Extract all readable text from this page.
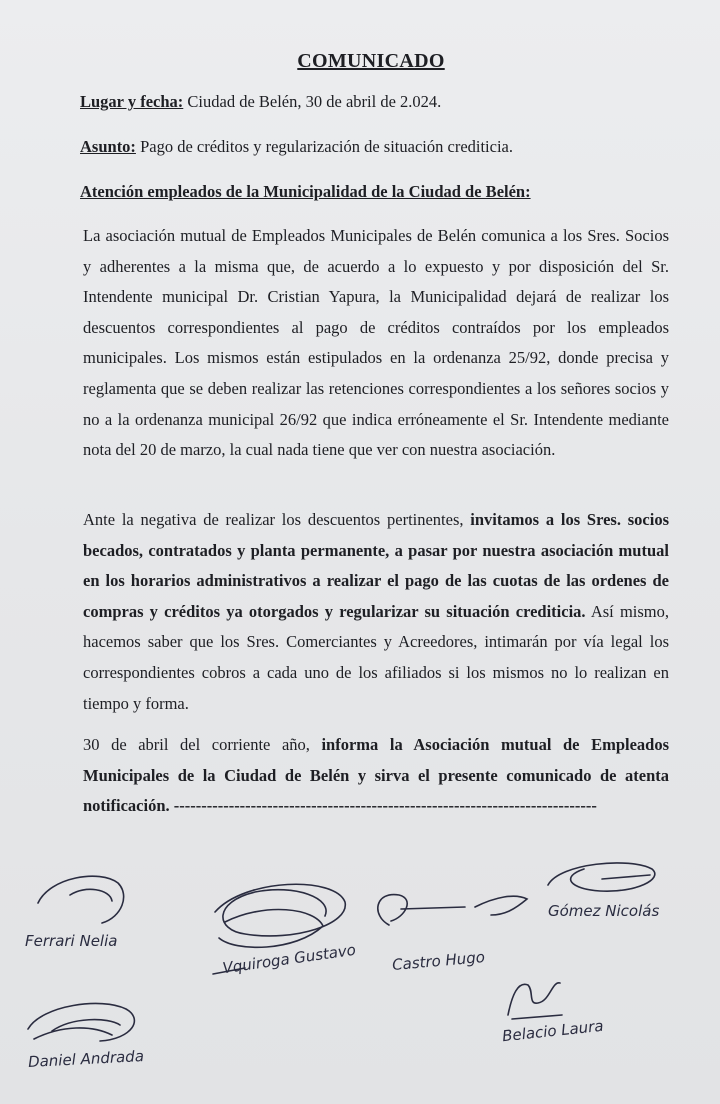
COMUNICADO
Lugar y fecha: Ciudad de Belén, 30 de abril de 2.024.
Asunto: Pago de créditos y regularización de situación crediticia.
Atención empleados de la Municipalidad de la Ciudad de Belén:
La asociación mutual de Empleados Municipales de Belén comunica a los Sres. Socios y adherentes a la misma que, de acuerdo a lo expuesto y por disposición del Sr. Intendente municipal Dr. Cristian Yapura, la Municipalidad dejará de realizar los descuentos correspondientes al pago de créditos contraídos por los empleados municipales. Los mismos están estipulados en la ordenanza 25/92, donde precisa y reglamenta que se deben realizar las retenciones correspondientes a los señores socios y no a la ordenanza municipal 26/92 que indica erróneamente el Sr. Intendente mediante nota del 20 de marzo, la cual nada tiene que ver con nuestra asociación.
Ante la negativa de realizar los descuentos pertinentes, invitamos a los Sres. socios becados, contratados y planta permanente, a pasar por nuestra asociación mutual en los horarios administrativos a realizar el pago de las cuotas de las ordenes de compras y créditos ya otorgados y regularizar su situación crediticia. Así mismo, hacemos saber que los Sres. Comerciantes y Acreedores, intimarán por vía legal los correspondientes cobros a cada uno de los afiliados si los mismos no lo realizan en tiempo y forma.
30 de abril del corriente año, informa la Asociación mutual de Empleados Municipales de la Ciudad de Belén y sirva el presente comunicado de atenta notificación. -----------------------------------------------------------------------------
Ferrari Nelia	Vquiroga Gustavo Castro Hugo
Gómez Nicolás
Daniel Andrada
Belacio Laura
